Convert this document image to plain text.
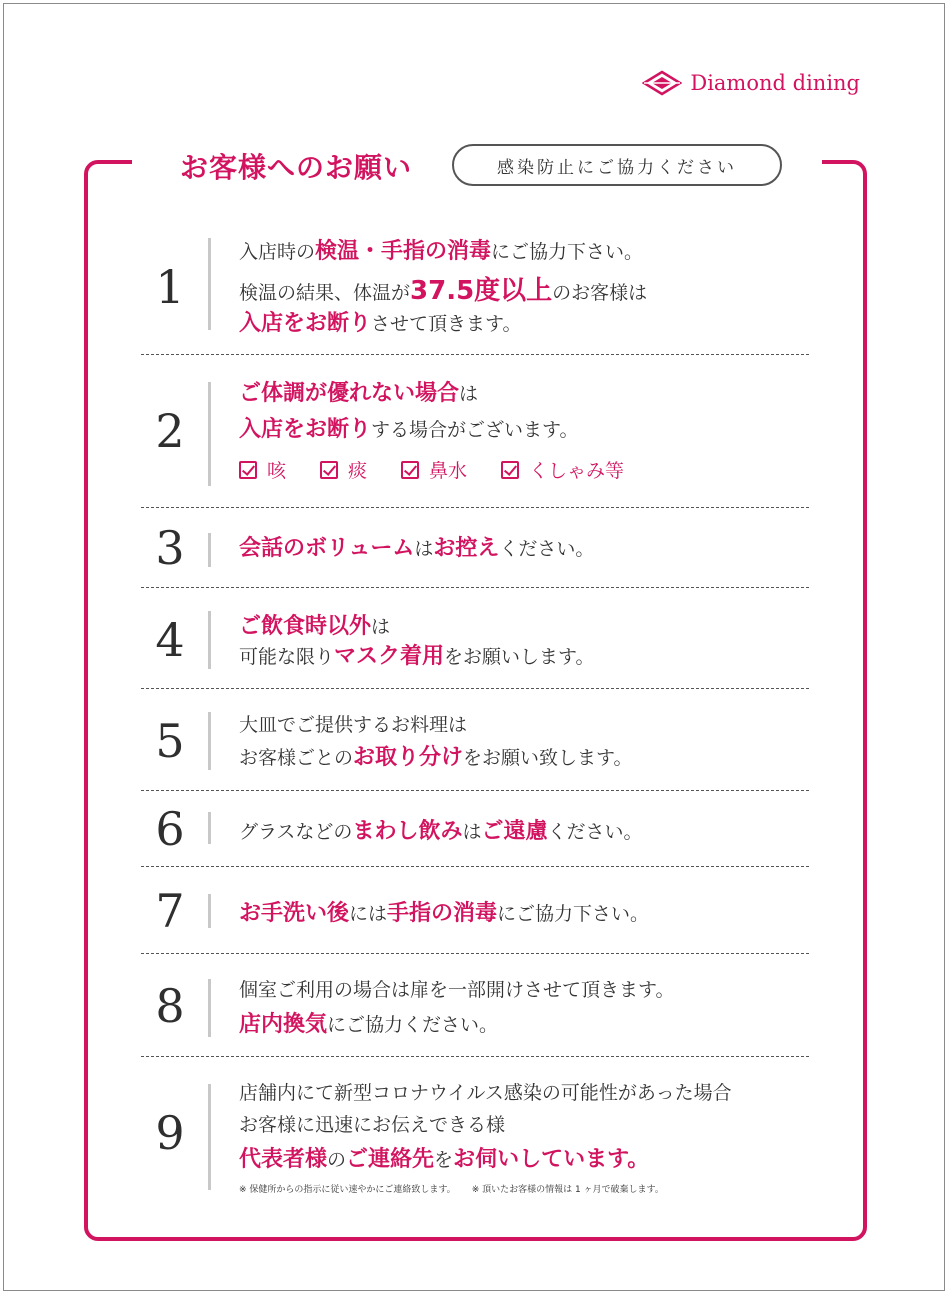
Diamond dining
お客様へのお願い	感染防止にご協力ください
1
入店時の検温・手指の消毒にご協力下さい。
検温の結果、体温が37.5度以上のお客様は
入店をお断りさせて頂きます。
2
ご体調が優れない場合は
入店をお断りする場合がございます。
咳	痰	鼻水	くしゃみ等
3	会話のボリュームはお控えください。
4	ご飲食時以外は
可能な限りマスク着用をお願いします。
5	大皿でご提供するお料理は
お客様ごとのお取り分けをお願い致します。
6	グラスなどのまわし飲みはご遠慮ください。
7	お手洗い後には手指の消毒にご協力下さい。
8	個室ご利用の場合は扉を一部開けさせて頂きます。
店内換気にご協力ください。
9
店舗内にて新型コロナウイルス感染の可能性があった場合
お客様に迅速にお伝えできる様
代表者様のご連絡先をお伺いしています。
※ 保健所からの指示に従い速やかにご連絡致します。 ※ 頂いたお客様の情報は 1 ヶ月で破棄します。
